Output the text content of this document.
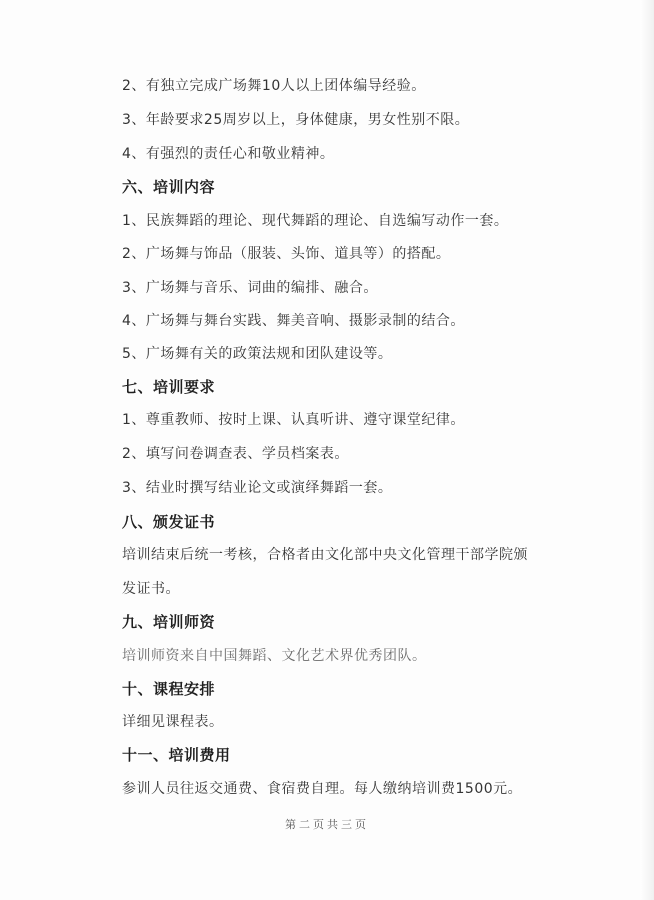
2、有独立完成广场舞10人以上团体编导经验。
3、年龄要求25周岁以上，身体健康，男女性别不限。
4、有强烈的责任心和敬业精神。
六、培训内容
1、民族舞蹈的理论、现代舞蹈的理论、自选编写动作一套。
2、广场舞与饰品（服装、头饰、道具等）的搭配。
3、广场舞与音乐、词曲的编排、融合。
4、广场舞与舞台实践、舞美音响、摄影录制的结合。
5、广场舞有关的政策法规和团队建设等。
七、培训要求
1、尊重教师、按时上课、认真听讲、遵守课堂纪律。
2、填写问卷调查表、学员档案表。
3、结业时撰写结业论文或演绎舞蹈一套。
八、颁发证书
培训结束后统一考核，合格者由文化部中央文化管理干部学院颁
发证书。
九、培训师资
培训师资来自中国舞蹈、文化艺术界优秀团队。
十、课程安排
详细见课程表。
十一、培训费用
参训人员往返交通费、食宿费自理。每人缴纳培训费1500元。
第二页共三页
